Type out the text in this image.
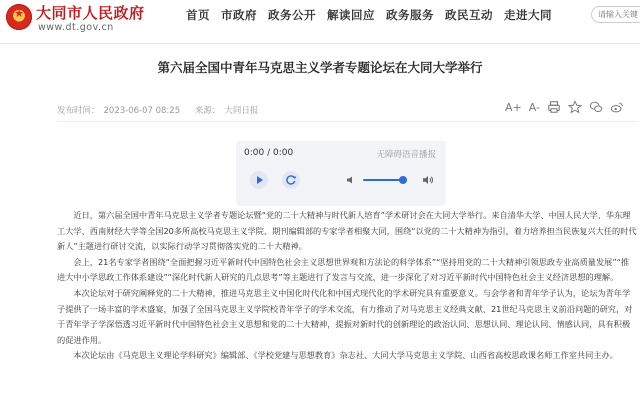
★
大同市人民政府
www.dt.gov.cn
首页 市政府 政务公开 解读回应 政务服务 政民互动 走进大同
请输入关键
第六届全国中青年马克思主义学者专题论坛在大同大学举行
发布时间： 2023-06-07 08:25 来源： 大同日报	A+ A-
0:00 / 0:00	无障碍语音播报

近日，第六届全国中青年马克思主义学者专题论坛暨“党的二十大精神与时代新人培育”学术研讨会在大同大学举行。来自清华大学、中国人民大学、华东理工大学、西南财经大学等全国20多所高校马克思主义学院、期刊编辑部的专家学者相聚大同，围绕“以党的二十大精神为指引，着力培养担当民族复兴大任的时代新人”主题进行研讨交流，以实际行动学习贯彻落实党的二十大精神。

会上，21名专家学者围绕“全面把握习近平新时代中国特色社会主义思想世界观和方法论的科学体系”“坚持用党的二十大精神引领思政专业高质量发展”“推进大中小学思政工作体系建设”“深化时代新人研究的几点思考”等主题进行了发言与交流，进一步深化了对习近平新时代中国特色社会主义经济思想的理解。

本次论坛对于研究阐释党的二十大精神，推进马克思主义中国化时代化和中国式现代化的学术研究具有重要意义。与会学者和青年学子认为，论坛为青年学子提供了一场丰富的学术盛宴，加强了全国马克思主义学院校青年学子的学术交流，有力推动了对马克思主义经典文献、21世纪马克思主义前沿问题的研究，对于青年学子学深悟透习近平新时代中国特色社会主义思想和党的二十大精神，提振对新时代的创新理论的政治认同、思想认同、理论认同、情感认同，具有积极的促进作用。

本次论坛由《马克思主义理论学科研究》编辑部、《学校党建与思想教育》杂志社、大同大学马克思主义学院、山西省高校思政课名师工作室共同主办。
